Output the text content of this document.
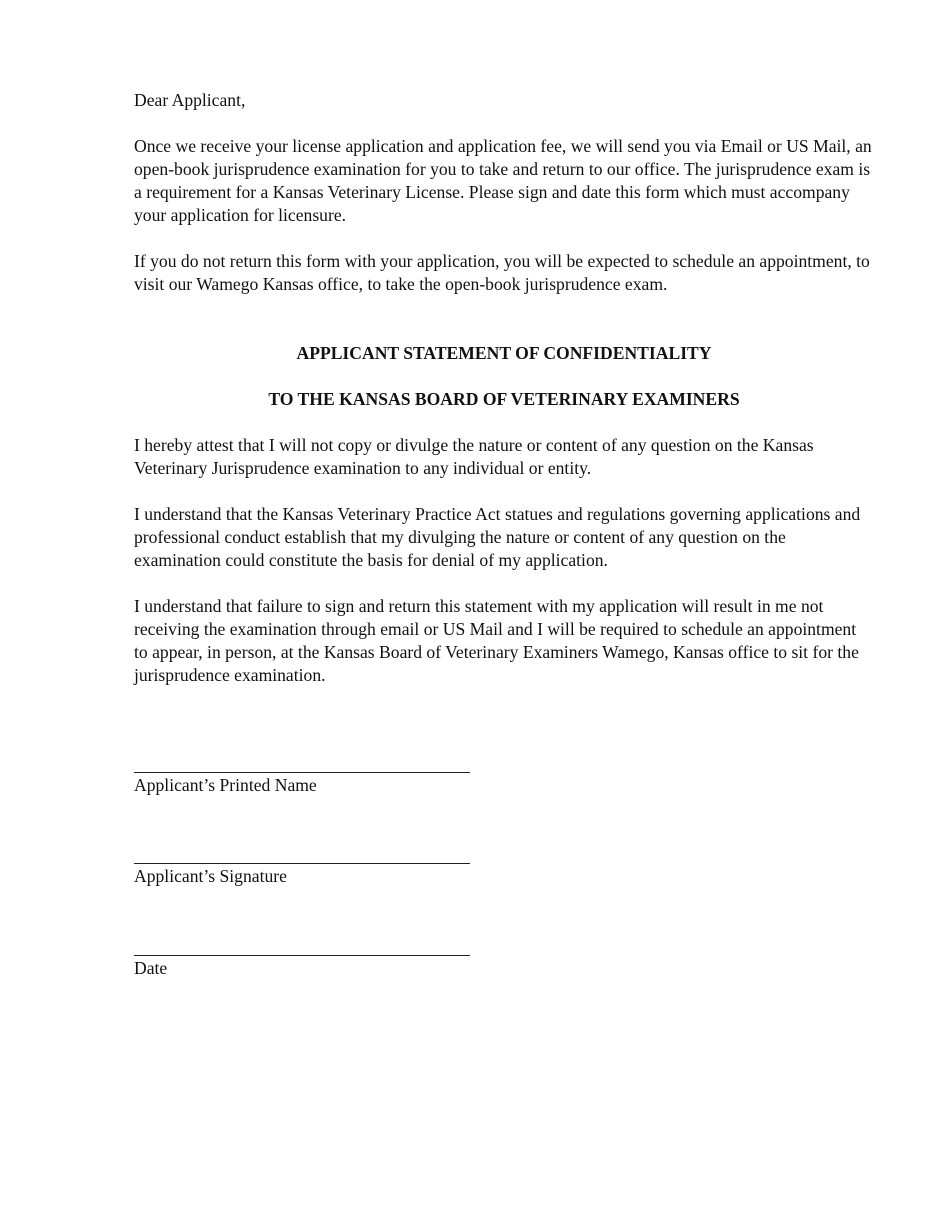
Dear Applicant,

Once we receive your license application and application fee, we will send you via Email or US Mail, an open-book jurisprudence examination for you to take and return to our office. The jurisprudence exam is a requirement for a Kansas Veterinary License. Please sign and date this form which must accompany your application for licensure.

If you do not return this form with your application, you will be expected to schedule an appointment, to visit our Wamego Kansas office, to take the open-book jurisprudence exam.

APPLICANT STATEMENT OF CONFIDENTIALITY

TO THE KANSAS BOARD OF VETERINARY EXAMINERS

I hereby attest that I will not copy or divulge the nature or content of any question on the Kansas Veterinary Jurisprudence examination to any individual or entity.

I understand that the Kansas Veterinary Practice Act statues and regulations governing applications and professional conduct establish that my divulging the nature or content of any question on the examination could constitute the basis for denial of my application.

I understand that failure to sign and return this statement with my application will result in me not receiving the examination through email or US Mail and I will be required to schedule an appointment to appear, in person, at the Kansas Board of Veterinary Examiners Wamego, Kansas office to sit for the jurisprudence examination.

Applicant’s Printed Name
Applicant’s Signature
Date
